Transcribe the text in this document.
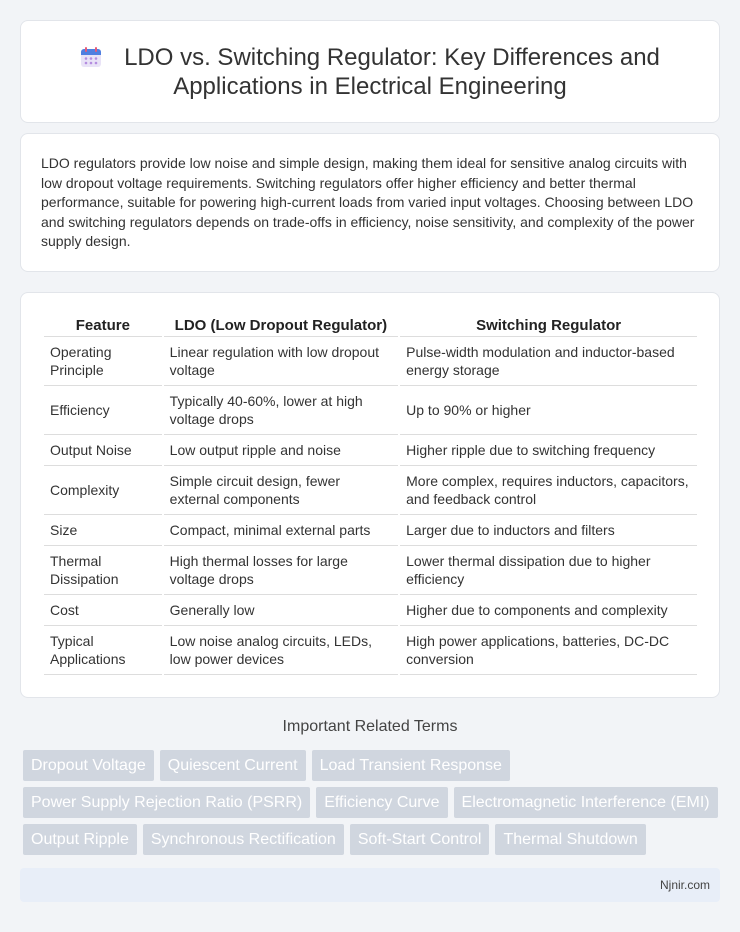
LDO vs. Switching Regulator: Key Differences and
Applications in Electrical Engineering

LDO regulators provide low noise and simple design, making them ideal for sensitive analog circuits with low dropout voltage requirements. Switching regulators offer higher efficiency and better thermal performance, suitable for powering high-current loads from varied input voltages. Choosing between LDO and switching regulators depends on trade-offs in efficiency, noise sensitivity, and complexity of the power supply design.

Feature	LDO (Low Dropout Regulator)	Switching Regulator
Operating Principle	Linear regulation with low dropout voltage	Pulse-width modulation and inductor-based energy storage
Efficiency	Typically 40-60%, lower at high voltage drops	Up to 90% or higher
Output Noise	Low output ripple and noise	Higher ripple due to switching frequency
Complexity	Simple circuit design, fewer external components	More complex, requires inductors, capacitors, and feedback control
Size	Compact, minimal external parts	Larger due to inductors and filters
Thermal Dissipation	High thermal losses for large voltage drops	Lower thermal dissipation due to higher efficiency
Cost	Generally low	Higher due to components and complexity
Typical Applications	Low noise analog circuits, LEDs, low power devices	High power applications, batteries, DC-DC conversion
Important Related Terms
Dropout Voltage	Quiescent Current	Load Transient Response
Power Supply Rejection Ratio (PSRR)	Efficiency Curve	Electromagnetic Interference (EMI)
Output Ripple	Synchronous Rectification	Soft-Start Control	Thermal Shutdown
Njnir.com
